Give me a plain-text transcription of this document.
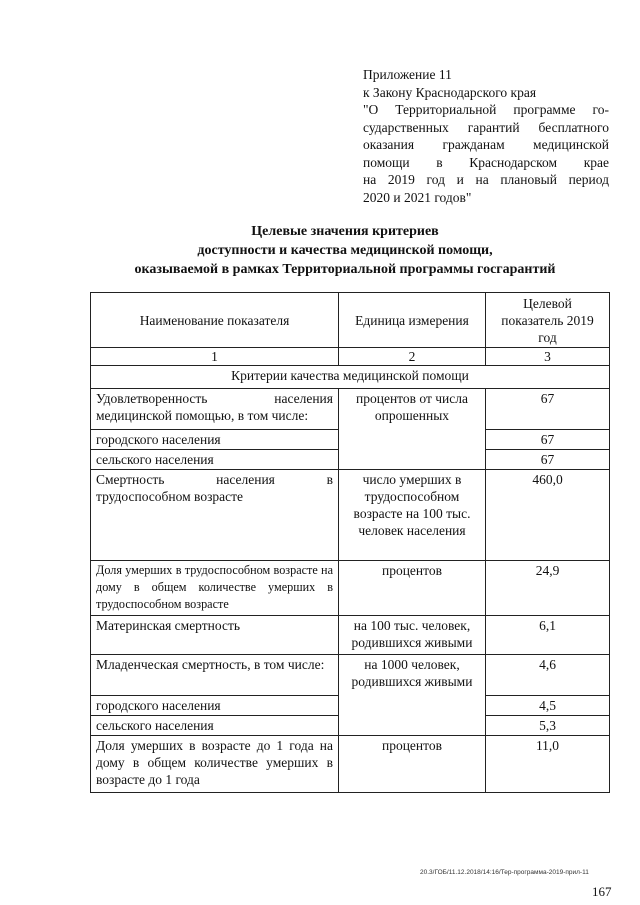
Приложение 11
к Закону Краснодарского края
"О Территориальной программе го-
сударственных гарантий бесплатного
оказания гражданам медицинской
помощи в Краснодарском крае
на 2019 год и на плановый период
2020 и 2021 годов"
Целевые значения критериев
доступности и качества медицинской помощи,
оказываемой в рамках Территориальной программы госгарантий
Наименование показателя	Единица измерения	Целевой показатель 2019 год
1	2	3
Критерии качества медицинской помощи		
Удовлетворенность населения медицинской помощью, в том числе:	процентов от числа опрошенных	67
городского населения		67
сельского населения		67
Смертность населения в трудоспособном возрасте	число умерших в трудоспособном возрасте на 100 тыс. человек населения	460,0
Доля умерших в трудоспособном возрасте на дому в общем количестве умерших в трудоспособном возрасте	процентов	24,9
Материнская смертность	на 100 тыс. человек, родившихся живыми	6,1
Младенческая смертность, в том числе:	на 1000 человек, родившихся живыми	4,6
городского населения		4,5
сельского населения		5,3
Доля умерших в возрасте до 1 года на дому в общем количестве умерших в возрасте до 1 года	процентов	11,0
20.3/ГОБ/11.12.2018/14:16/Тер-программа-2019-прил-11
167
